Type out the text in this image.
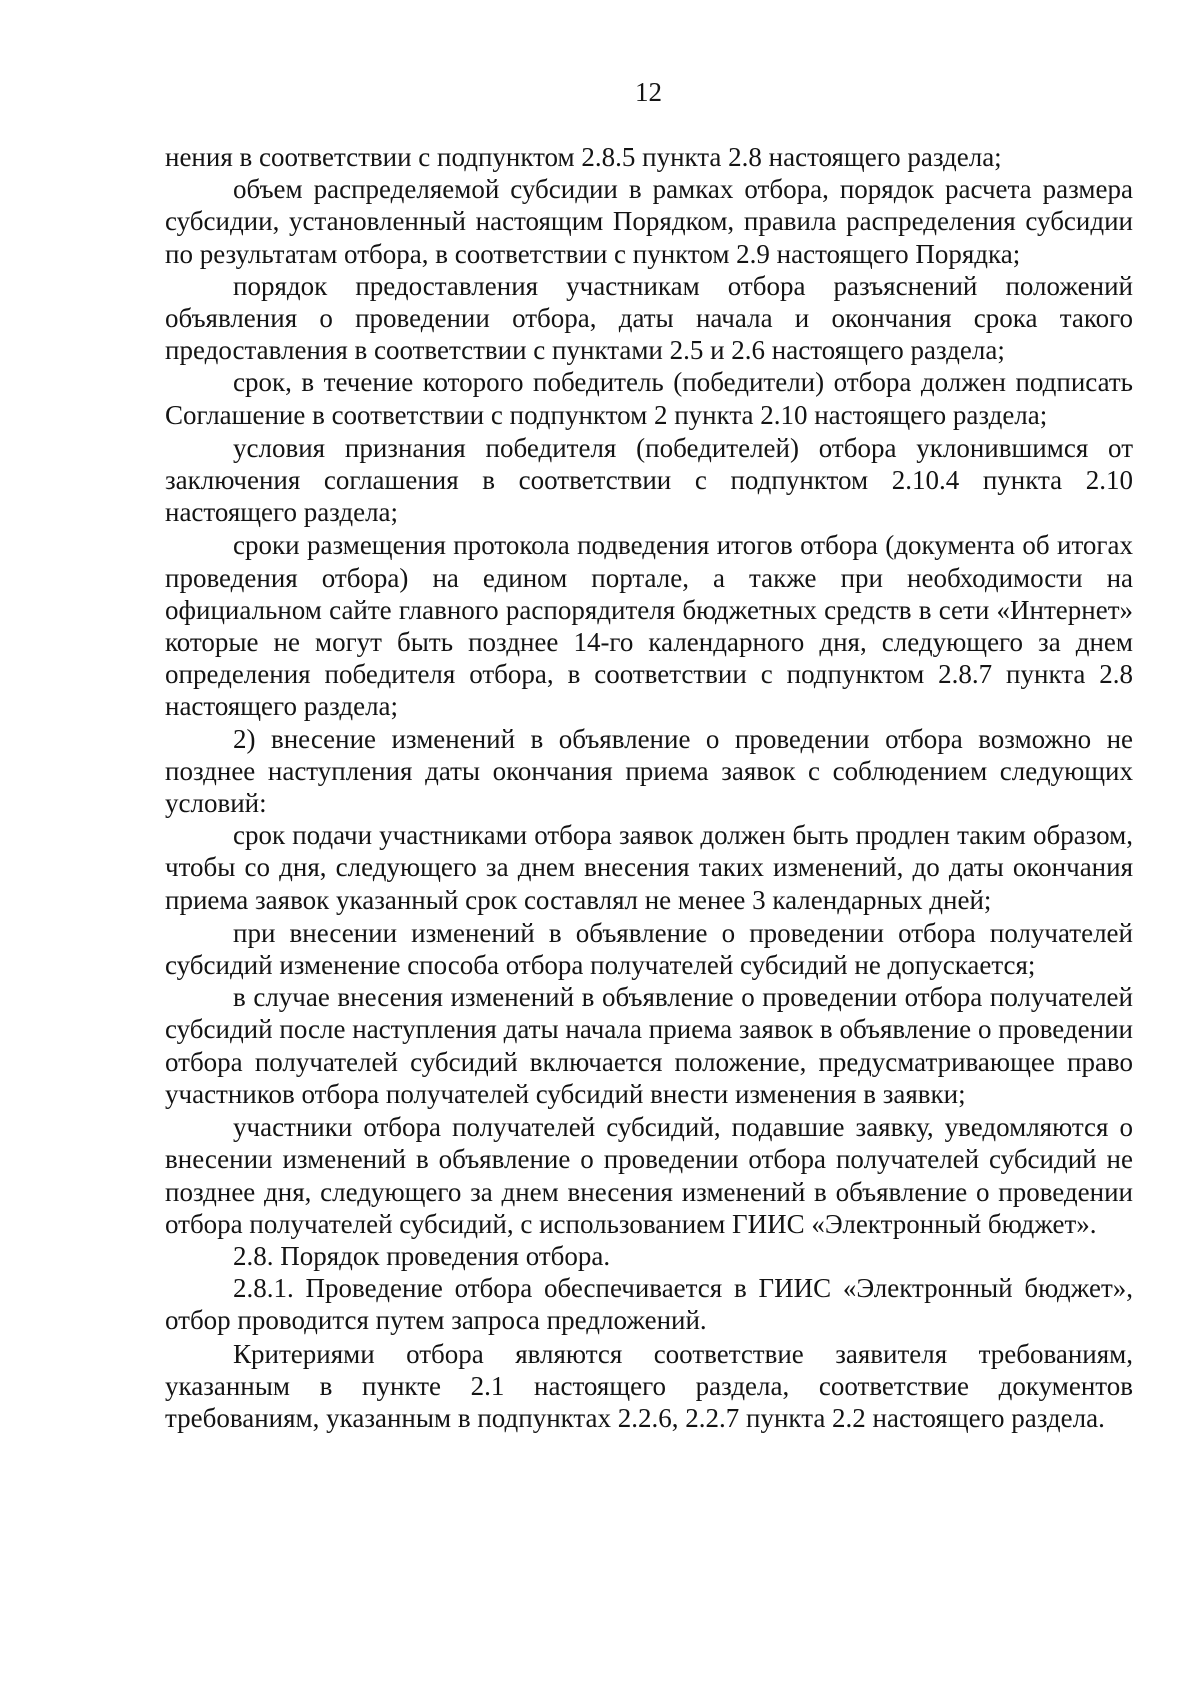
12

нения в соответствии с подпунктом 2.8.5 пункта 2.8 настоящего раздела;

объем распределяемой субсидии в рамках отбора, порядок расчета размера субсидии, установленный настоящим Порядком, правила распределения субсидии по результатам отбора, в соответствии с пунктом 2.9 настоящего Порядка;

порядок предоставления участникам отбора разъяснений положений объявления о проведении отбора, даты начала и окончания срока такого предоставления в соответствии с пунктами 2.5 и 2.6 настоящего раздела;

срок, в течение которого победитель (победители) отбора должен подписать Соглашение в соответствии с подпунктом 2 пункта 2.10 настоящего раздела;

условия признания победителя (победителей) отбора уклонившимся от заключения соглашения в соответствии с подпунктом 2.10.4 пункта 2.10 настоящего раздела;

сроки размещения протокола подведения итогов отбора (документа об итогах проведения отбора) на едином портале, а также при необходимости на официальном сайте главного распорядителя бюджетных средств в сети «Интернет» которые не могут быть позднее 14-го календарного дня, следующего за днем определения победителя отбора, в соответствии с подпунктом 2.8.7 пункта 2.8 настоящего раздела;

2) внесение изменений в объявление о проведении отбора возможно не позднее наступления даты окончания приема заявок с соблюдением следующих условий:

срок подачи участниками отбора заявок должен быть продлен таким образом, чтобы со дня, следующего за днем внесения таких изменений, до даты окончания приема заявок указанный срок составлял не менее 3 календарных дней;

при внесении изменений в объявление о проведении отбора получателей субсидий изменение способа отбора получателей субсидий не допускается;

в случае внесения изменений в объявление о проведении отбора получателей субсидий после наступления даты начала приема заявок в объявление о проведении отбора получателей субсидий включается положение, предусматривающее право участников отбора получателей субсидий внести изменения в заявки;

участники отбора получателей субсидий, подавшие заявку, уведомляются о внесении изменений в объявление о проведении отбора получателей субсидий не позднее дня, следующего за днем внесения изменений в объявление о проведении отбора получателей субсидий, с использованием ГИИС «Электронный бюджет».

2.8. Порядок проведения отбора.

2.8.1. Проведение отбора обеспечивается в ГИИС «Электронный бюджет», отбор проводится путем запроса предложений.

Критериями отбора являются соответствие заявителя требованиям, указанным в пункте 2.1 настоящего раздела, соответствие документов требованиям, указанным в подпунктах 2.2.6, 2.2.7 пункта 2.2 настоящего раздела.
